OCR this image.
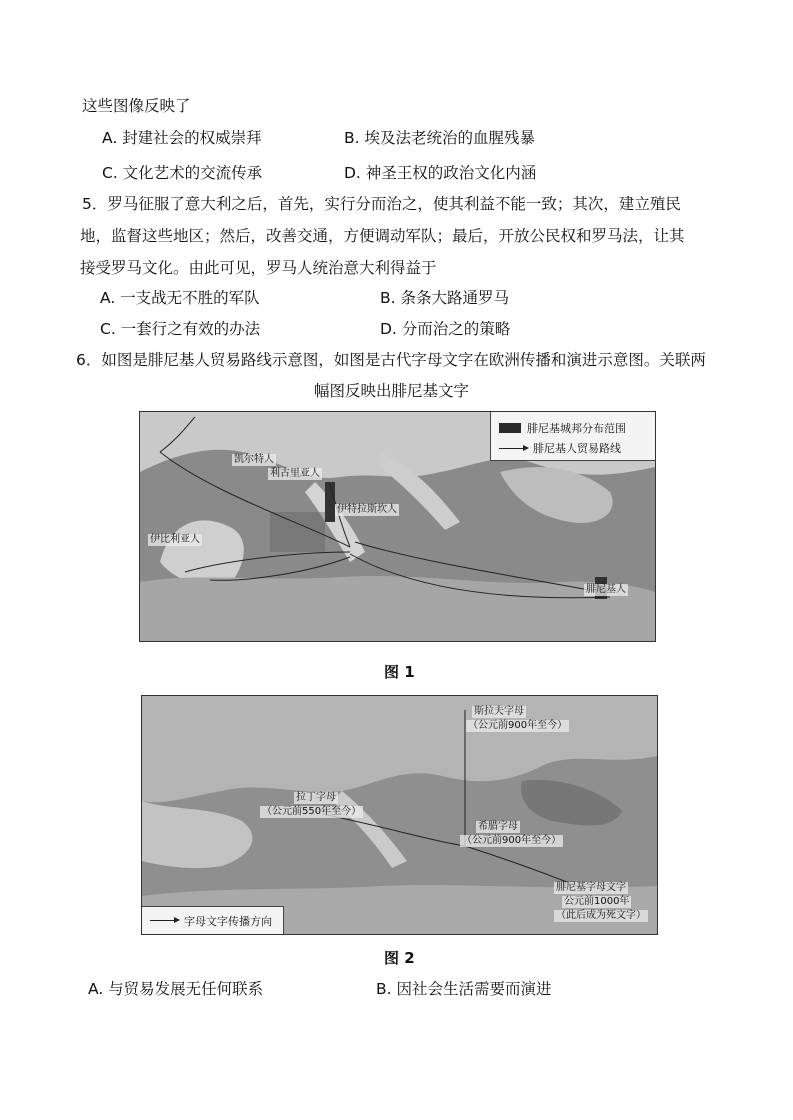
这些图像反映了
A. 封建社会的权威崇拜	B. 埃及法老统治的血腥残暴
C. 文化艺术的交流传承	D. 神圣王权的政治文化内涵
5．罗马征服了意大利之后，首先，实行分而治之，使其利益不能一致；其次，建立殖民
地，监督这些地区；然后，改善交通，方便调动军队；最后，开放公民权和罗马法，让其
接受罗马文化。由此可见，罗马人统治意大利得益于
A. 一支战无不胜的军队	B. 条条大路通罗马
C. 一套行之有效的办法	D. 分而治之的策略
6．如图是腓尼基人贸易路线示意图，如图是古代字母文字在欧洲传播和演进示意图。关联两
幅图反映出腓尼基文字
凯尔特人
利古里亚人
伊特拉斯坎人
伊比利亚人
腓尼基人
腓尼基城邦分布范围
腓尼基人贸易路线
图 1
斯拉夫字母
（公元前900年至今）
拉丁字母
（公元前550年至今）
希腊字母
（公元前900年至今）
腓尼基字母文字
公元前1000年
（此后成为死文字）
字母文字传播方向
图 2
A. 与贸易发展无任何联系	B. 因社会生活需要而演进
